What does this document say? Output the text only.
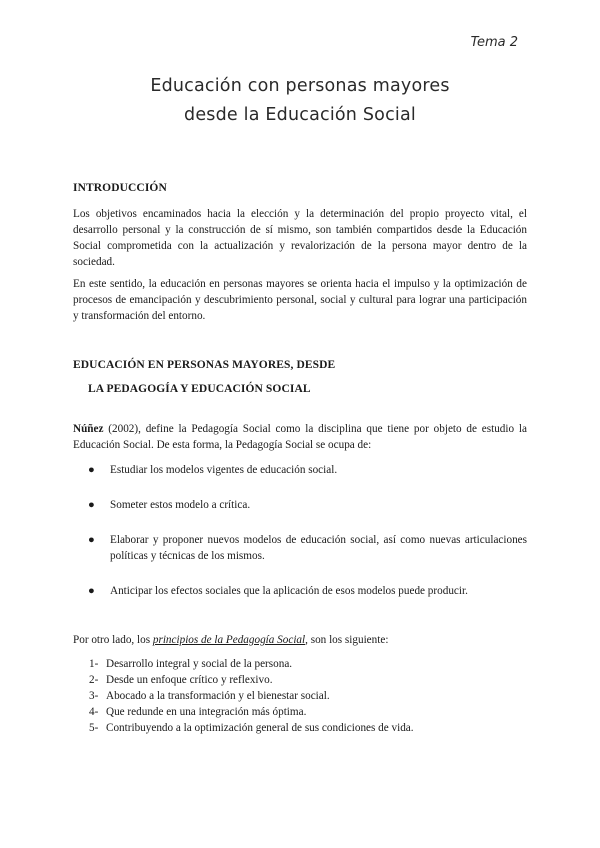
Tema 2
Educación con personas mayores
desde la Educación Social

INTRODUCCIÓN

Los objetivos encaminados hacia la elección y la determinación del propio proyecto vital, el desarrollo personal y la construcción de sí mismo, son también compartidos desde la Educación Social comprometida con la actualización y revalorización de la persona mayor dentro de la sociedad.

En este sentido, la educación en personas mayores se orienta hacia el impulso y la optimización de procesos de emancipación y descubrimiento personal, social y cultural para lograr una participación y transformación del entorno.

EDUCACIÓN EN PERSONAS MAYORES, DESDE

LA PEDAGOGÍA Y EDUCACIÓN SOCIAL

Núñez (2002), define la Pedagogía Social como la disciplina que tiene por objeto de estudio la Educación Social. De esta forma, la Pedagogía Social se ocupa de:

● Estudiar los modelos vigentes de educación social.
● Someter estos modelo a crítica.
● Elaborar y proponer nuevos modelos de educación social, así como nuevas articulaciones políticas y técnicas de los mismos.
● Anticipar los efectos sociales que la aplicación de esos modelos puede producir.

Por otro lado, los principios de la Pedagogía Social, son los siguiente:

1- Desarrollo integral y social de la persona.
2- Desde un enfoque crítico y reflexivo.
3- Abocado a la transformación y el bienestar social.
4- Que redunde en una integración más óptima.
5- Contribuyendo a la optimización general de sus condiciones de vida.
